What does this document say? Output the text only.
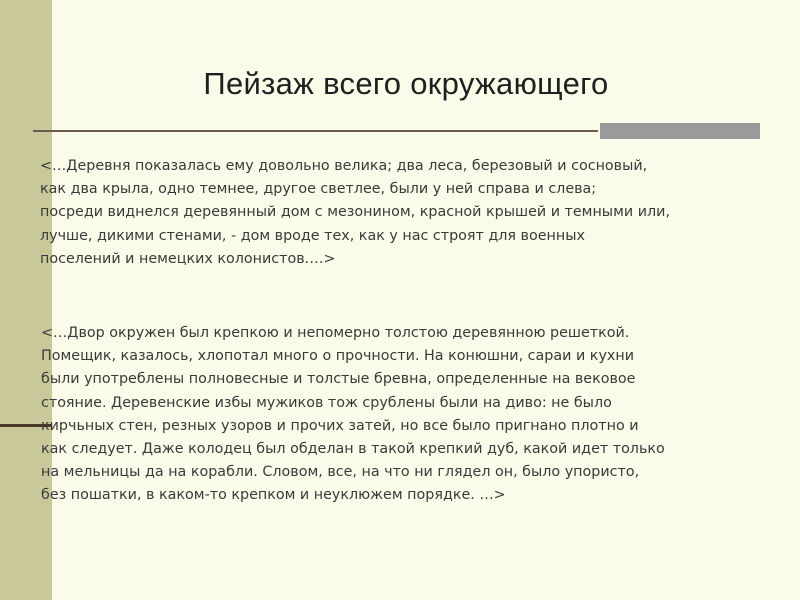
Пейзаж всего окружающего
<…Деревня показалась ему довольно велика; два леса, березовый и сосновый,
как два крыла, одно темнее, другое светлее, были у ней справа и слева;
посреди виднелся деревянный дом с мезонином, красной крышей и темными или,
лучше, дикими стенами, - дом вроде тех, как у нас строят для военных
поселений и немецких колонистов.…>
<…Двор окружен был крепкою и непомерно толстою деревянною решеткой.
Помещик, казалось, хлопотал много о прочности. На конюшни, сараи и кухни
были употреблены полновесные и толстые бревна, определенные на вековое
стояние. Деревенские избы мужиков тож срублены были на диво: не было
кирчьных стен, резных узоров и прочих затей, но все было пригнано плотно и
как следует. Даже колодец был обделан в такой крепкий дуб, какой идет только
на мельницы да на корабли. Словом, все, на что ни глядел он, было упористо,
без пошатки, в каком-то крепком и неуклюжем порядке. …>
